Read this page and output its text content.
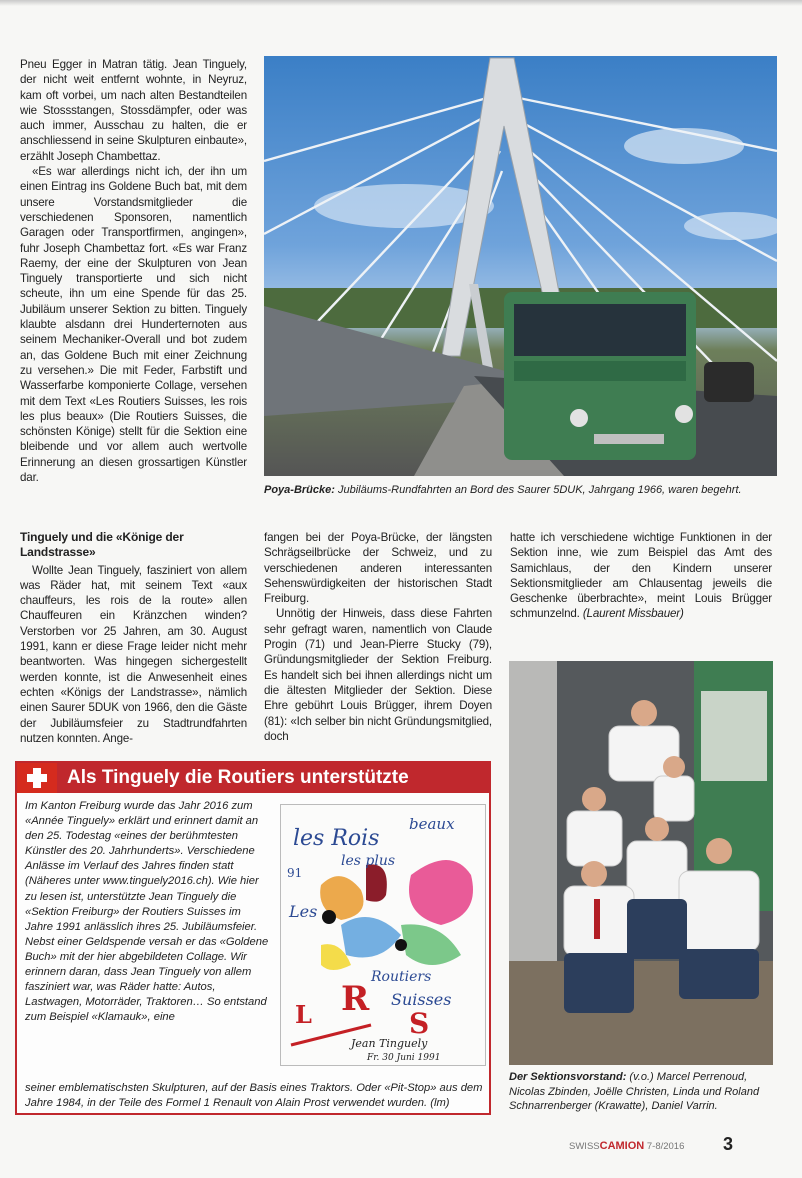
Pneu Egger in Matran tätig. Jean Tinguely, der nicht weit entfernt wohnte, in Neyruz, kam oft vorbei, um nach alten Bestandteilen wie Stossstangen, Stossdämpfer, oder was auch immer, Ausschau zu halten, die er anschliessend in seine Skulpturen einbaute», erzählt Joseph Chambettaz.

«Es war allerdings nicht ich, der ihn um einen Eintrag ins Goldene Buch bat, mit dem unsere Vorstandsmitglieder die verschiedenen Sponsoren, namentlich Garagen oder Transportfirmen, angingen», fuhr Joseph Chambettaz fort. «Es war Franz Raemy, der eine der Skulpturen von Jean Tinguely transportierte und sich nicht scheute, ihn um eine Spende für das 25. Jubiläum unserer Sektion zu bitten. Tinguely klaubte alsdann drei Hunderternoten aus seinem Mechaniker-Overall und bot zudem an, das Goldene Buch mit einer Zeichnung zu versehen.» Die mit Feder, Farbstift und Wasserfarbe komponierte Collage, versehen mit dem Text «Les Routiers Suisses, les rois les plus beaux» (Die Routiers Suisses, die schönsten Könige) stellt für die Sektion eine bleibende und vor allem auch wertvolle Erinnerung an diesen grossartigen Künstler dar.

Poya-Brücke: Jubiläums-Rundfahrten an Bord des Saurer 5DUK, Jahrgang 1966, waren begehrt.
Tinguely und die «Könige der Landstrasse»

Wollte Jean Tinguely, fasziniert von allem was Räder hat, mit seinem Text «aux chauffeurs, les rois de la route» allen Chauffeuren ein Kränzchen winden? Verstorben vor 25 Jahren, am 30. August 1991, kann er diese Frage leider nicht mehr beantworten. Was hingegen sichergestellt werden konnte, ist die Anwesenheit eines echten «Königs der Landstrasse», nämlich einen Saurer 5DUK von 1966, den die Gäste der Jubiläumsfeier zu Stadtrundfahrten nutzen konnten. Ange-

fangen bei der Poya-Brücke, der längsten Schrägseilbrücke der Schweiz, und zu verschiedenen anderen interessanten Sehenswürdigkeiten der historischen Stadt Freiburg.

Unnötig der Hinweis, dass diese Fahrten sehr gefragt waren, namentlich von Claude Progin (71) und Jean-Pierre Stucky (79), Gründungsmitglieder der Sektion Freiburg. Es handelt sich bei ihnen allerdings nicht um die ältesten Mitglieder der Sektion. Diese Ehre gebührt Louis Brügger, ihrem Doyen (81): «Ich selber bin nicht Gründungsmitglied, doch

hatte ich verschiedene wichtige Funktionen in der Sektion inne, wie zum Beispiel das Amt des Samichlaus, der den Kindern unserer Sektionsmitglieder am Chlausentag jeweils die Geschenke überbrachte», meint Louis Brügger schmunzelnd. (Laurent Missbauer)

Der Sektionsvorstand: (v.o.) Marcel Perrenoud, Nicolas Zbinden, Joëlle Christen, Linda und Roland Schnarrenberger (Krawatte), Daniel Varrin.
Als Tinguely die Routiers unterstützte
Im Kanton Freiburg wurde das Jahr 2016 zum «Année Tinguely» erklärt und erinnert damit an den 25. Todestag «eines der berühmtesten Künstler des 20. Jahrhunderts». Verschiedene Anlässe im Verlauf des Jahres finden statt (Näheres unter www.tinguely2016.ch). Wie hier zu lesen ist, unterstützte Jean Tinguely die «Sektion Freiburg» der Routiers Suisses im Jahre 1991 anlässlich ihres 25. Jubiläumsfeier. Nebst einer Geldspende versah er das «Goldene Buch» mit der hier abgebildeten Collage. Wir erinnern daran, dass Jean Tinguely von allem fasziniert war, was Räder hatte: Autos, Lastwagen, Motorräder, Traktoren… So entstand zum Beispiel «Klamauk», eine
les Rois
beaux
les plus
91
Les
Routiers
Suisses
R
S
L
Jean Tinguely
Fr. 30 Juni 1991
seiner emblematischsten Skulpturen, auf der Basis eines Traktors. Oder «Pit-Stop» aus dem Jahre 1984, in der Teile des Formel 1 Renault von Alain Prost verwendet wurden. (lm)
SWISSCAMION 7-8/2016 3
